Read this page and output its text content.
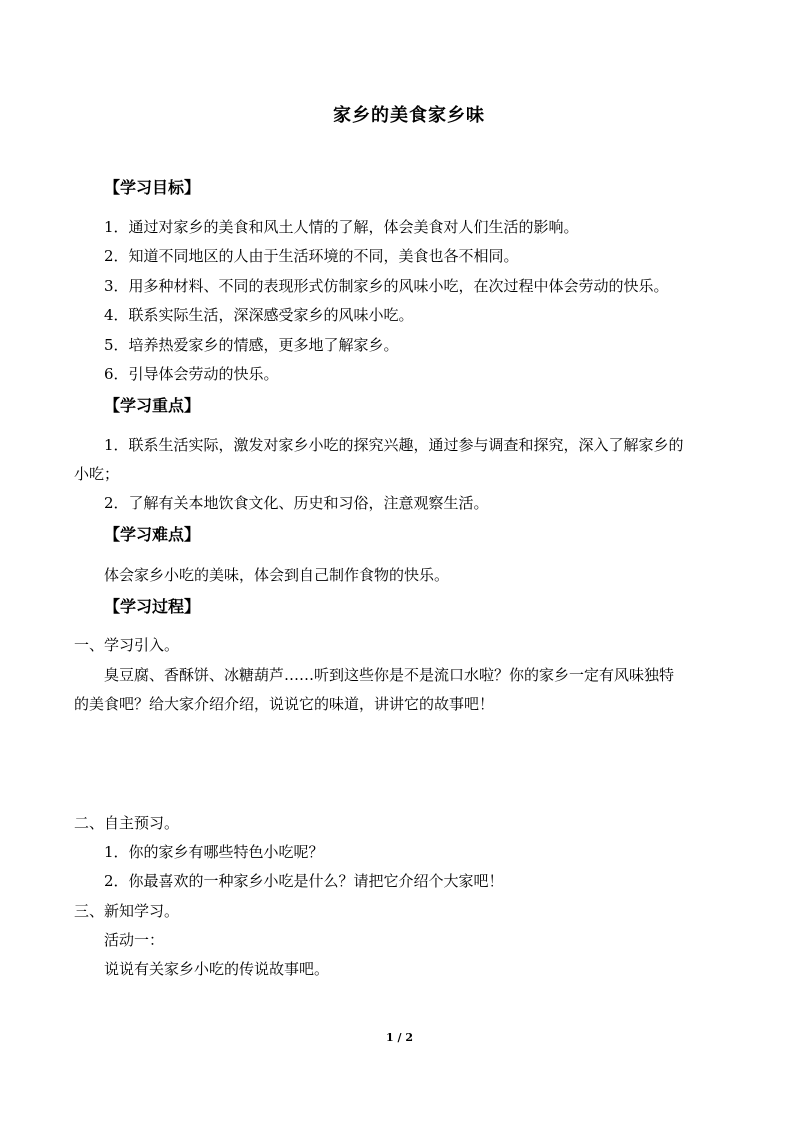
家乡的美食家乡味
【学习目标】
1．通过对家乡的美食和风土人情的了解，体会美食对人们生活的影响。
2．知道不同地区的人由于生活环境的不同，美食也各不相同。
3．用多种材料、不同的表现形式仿制家乡的风味小吃，在次过程中体会劳动的快乐。
4．联系实际生活，深深感受家乡的风味小吃。
5．培养热爱家乡的情感，更多地了解家乡。
6．引导体会劳动的快乐。
【学习重点】
1．联系生活实际，激发对家乡小吃的探究兴趣，通过参与调查和探究，深入了解家乡的
小吃；
2．了解有关本地饮食文化、历史和习俗，注意观察生活。
【学习难点】
体会家乡小吃的美味，体会到自己制作食物的快乐。
【学习过程】
一、学习引入。
臭豆腐、香酥饼、冰糖葫芦……听到这些你是不是流口水啦？你的家乡一定有风味独特
的美食吧？给大家介绍介绍，说说它的味道，讲讲它的故事吧！
二、自主预习。
1．你的家乡有哪些特色小吃呢？
2．你最喜欢的一种家乡小吃是什么？请把它介绍个大家吧！
三、新知学习。
活动一：
说说有关家乡小吃的传说故事吧。
1 / 2
